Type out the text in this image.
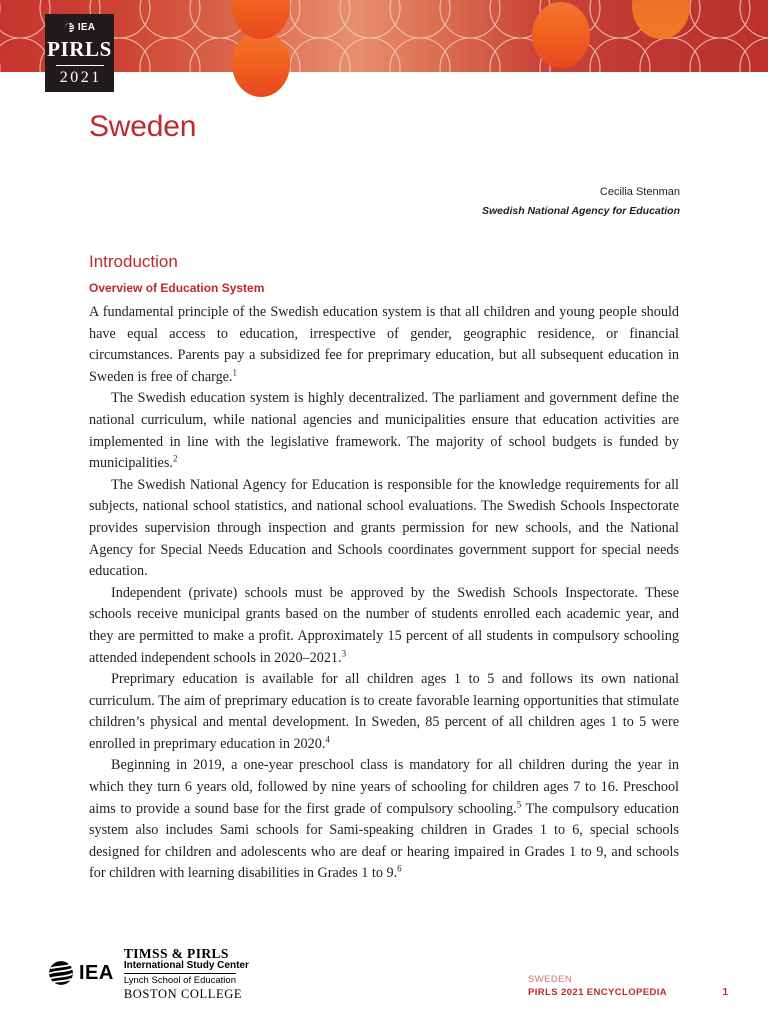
IEA
PIRLS
2021
Sweden
Cecilia Stenman
Swedish National Agency for Education
Introduction
Overview of Education System

A fundamental principle of the Swedish education system is that all children and young people should have equal access to education, irrespective of gender, geographic residence, or financial circumstances. Parents pay a subsidized fee for preprimary education, but all subsequent education in Sweden is free of charge.$^1$

The Swedish education system is highly decentralized. The parliament and government define the national curriculum, while national agencies and municipalities ensure that education activities are implemented in line with the legislative framework. The majority of school budgets is funded by municipalities.$^2$

The Swedish National Agency for Education is responsible for the knowledge requirements for all subjects, national school statistics, and national school evaluations. The Swedish Schools Inspectorate provides supervision through inspection and grants permission for new schools, and the National Agency for Special Needs Education and Schools coordinates government support for special needs education.

Independent (private) schools must be approved by the Swedish Schools Inspectorate. These schools receive municipal grants based on the number of students enrolled each academic year, and they are permitted to make a profit. Approximately 15 percent of all students in compulsory schooling attended independent schools in 2020–2021.$^3$

Preprimary education is available for all children ages 1 to 5 and follows its own national curriculum. The aim of preprimary education is to create favorable learning opportunities that stimulate children’s physical and mental development. In Sweden, 85 percent of all children ages 1 to 5 were enrolled in preprimary education in 2020.$^4$

Beginning in 2019, a one-year preschool class is mandatory for all children during the year in which they turn 6 years old, followed by nine years of schooling for children ages 7 to 16. Preschool aims to provide a sound base for the first grade of compulsory schooling.$^5$ The compulsory education system also includes Sami schools for Sami-speaking children in Grades 1 to 6, special schools designed for children and adolescents who are deaf or hearing impaired in Grades 1 to 9, and schools for children with learning disabilities in Grades 1 to 9.$^6$

IEA
TIMSS & PIRLS
International Study Center
Lynch School of Education
BOSTON COLLEGE
SWEDEN
PIRLS 2021 ENCYCLOPEDIA	1
